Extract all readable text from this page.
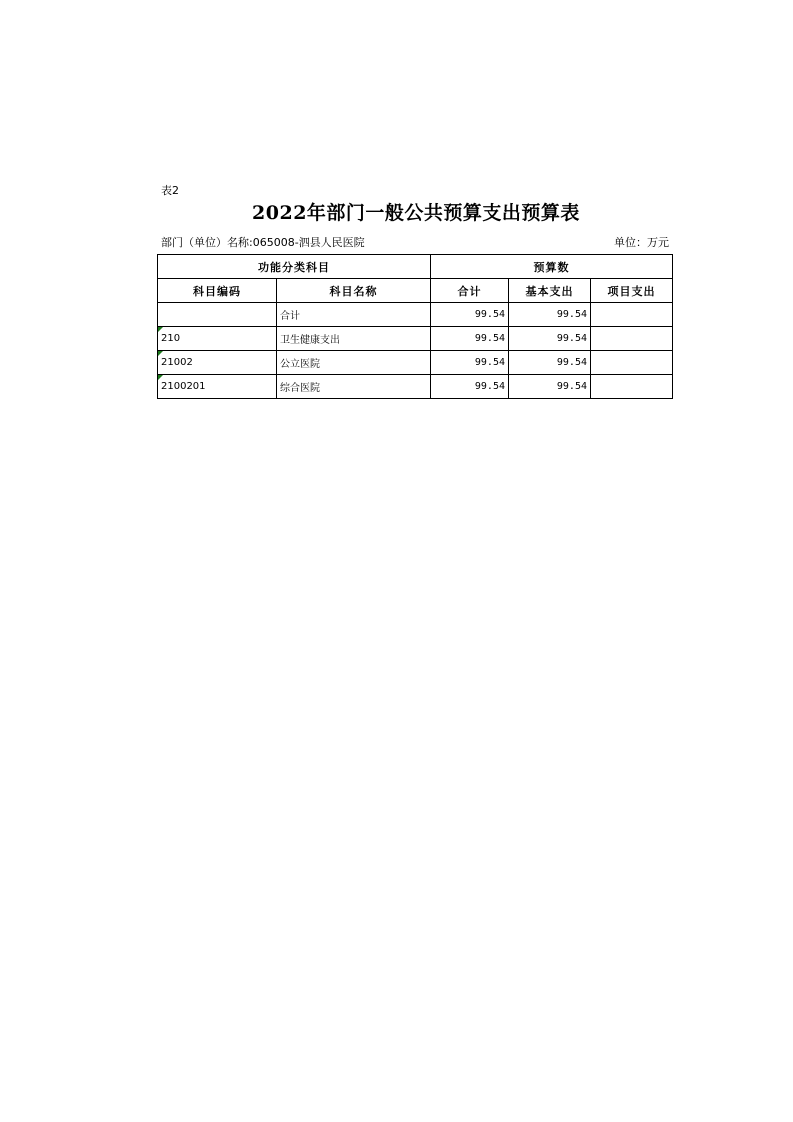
表2
2022年部门一般公共预算支出预算表
部门（单位）名称:065008-泗县人民医院	单位：万元
功能分类科目		预算数		
科目编码	科目名称	合计	基本支出	项目支出
	合计	99.54	99.54	

210	卫生健康支出	99.54	99.54	

21002	公立医院	99.54	99.54	

2100201	综合医院	99.54	99.54	
